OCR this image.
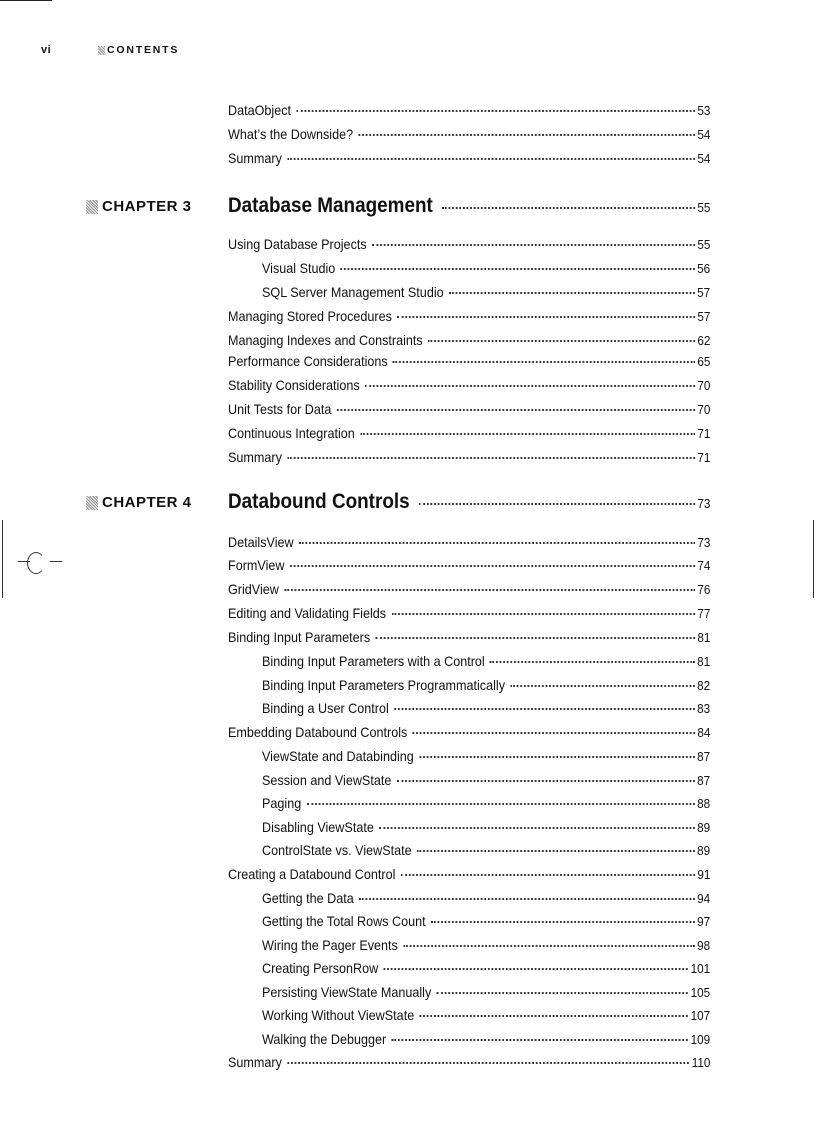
vi	CONTENTS
DataObject	53
What’s the Downside?	54
Summary	54
CHAPTER 3 Database Management	55
Using Database Projects	55
Visual Studio	56
SQL Server Management Studio	57
Managing Stored Procedures	57
Managing Indexes and Constraints	62
Performance Considerations	65
Stability Considerations	70
Unit Tests for Data	70
Continuous Integration	71
Summary	71
CHAPTER 4 Databound Controls	73
DetailsView	73
FormView	74
GridView	76
Editing and Validating Fields	77
Binding Input Parameters	81
Binding Input Parameters with a Control	81
Binding Input Parameters Programmatically	82
Binding a User Control	83
Embedding Databound Controls	84
ViewState and Databinding	87
Session and ViewState	87
Paging	88
Disabling ViewState	89
ControlState vs. ViewState	89
Creating a Databound Control	91
Getting the Data	94
Getting the Total Rows Count	97
Wiring the Pager Events	98
Creating PersonRow	101
Persisting ViewState Manually	105
Working Without ViewState	107
Walking the Debugger	109
Summary	110
